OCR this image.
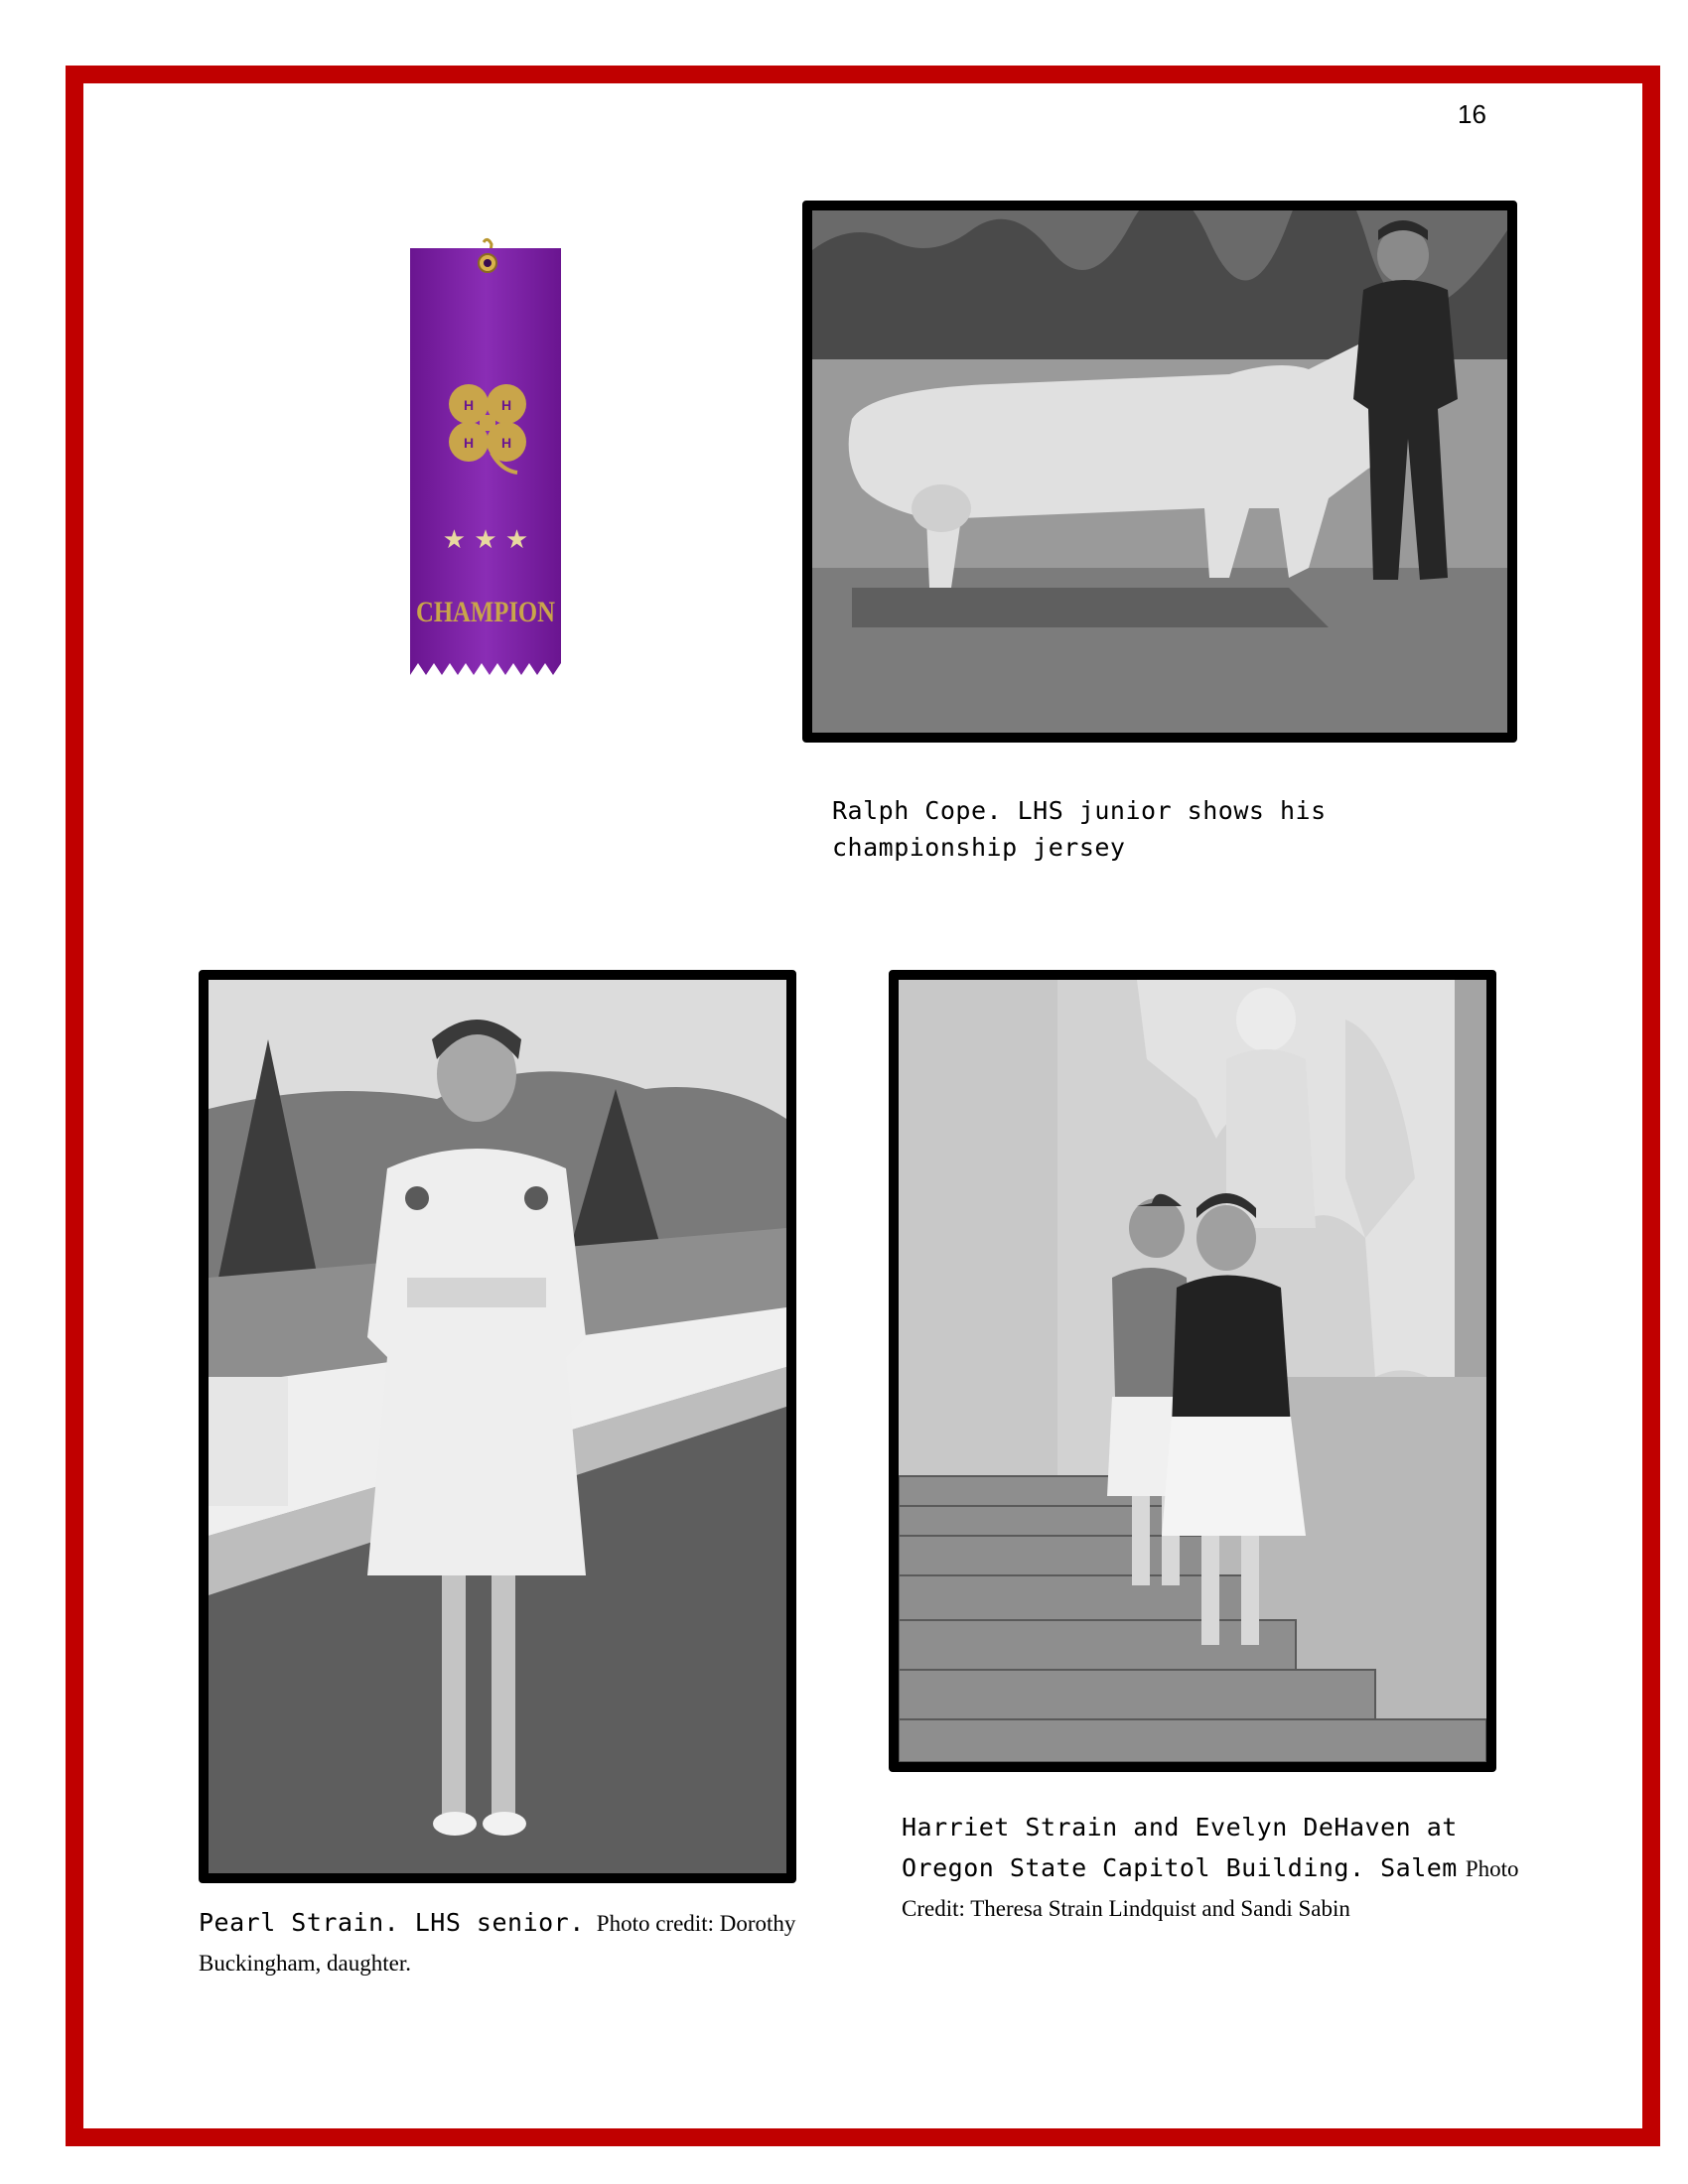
16
H H
H H
★ ★ ★
CHAMPION
Ralph Cope. LHS junior shows his championship jersey
Pearl Strain. LHS senior. Photo credit: Dorothy Buckingham, daughter.
Harriet Strain and Evelyn DeHaven at Oregon State Capitol Building. Salem Photo Credit: Theresa Strain Lindquist and Sandi Sabin
